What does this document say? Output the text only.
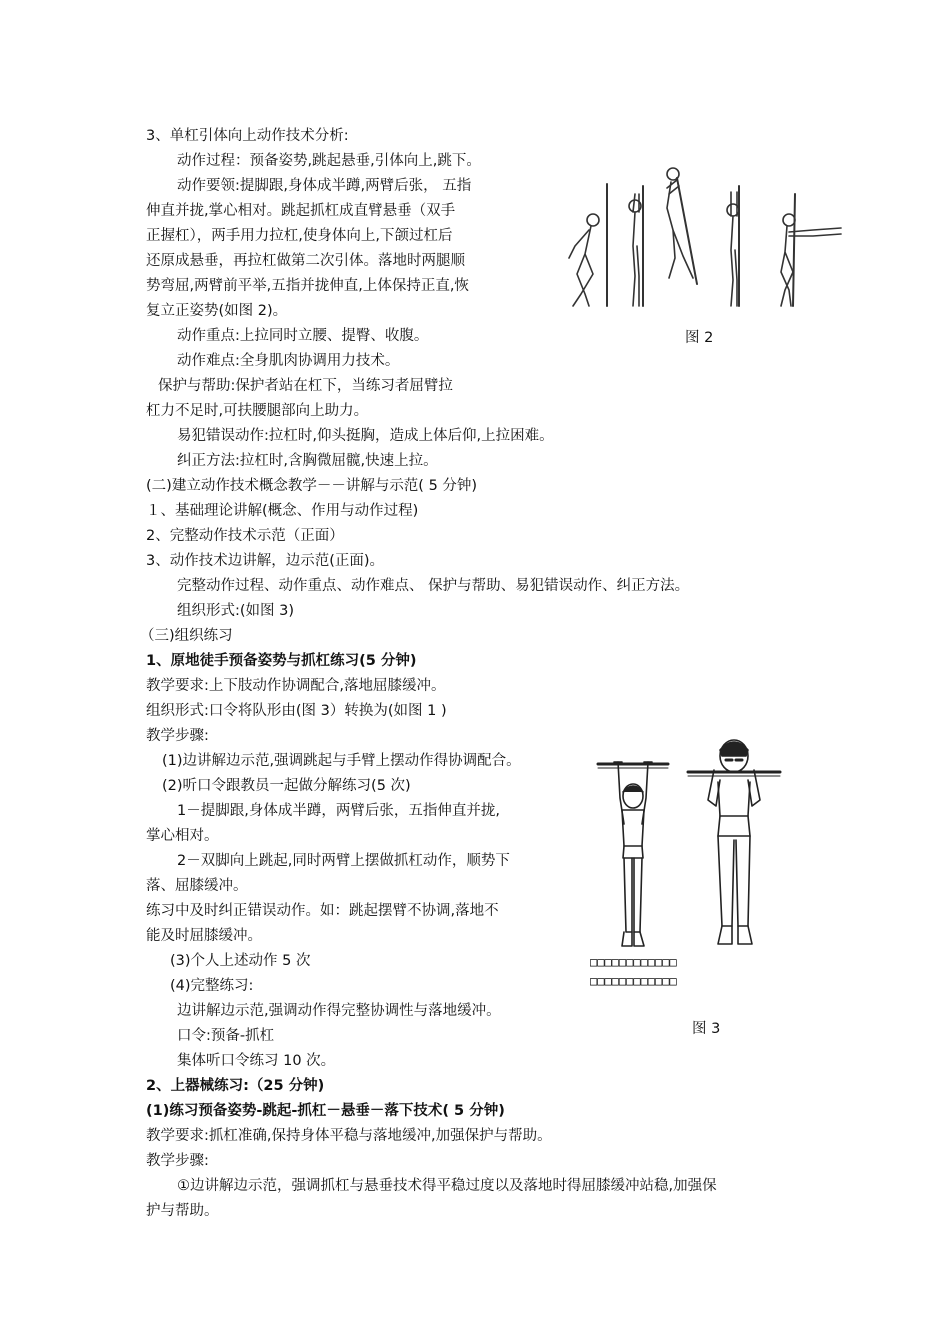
3、单杠引体向上动作技术分析:
动作过程：预备姿势,跳起悬垂,引体向上,跳下。
动作要领:提脚跟,身体成半蹲,两臂后张， 五指
伸直并拢,掌心相对。跳起抓杠成直臂悬垂（双手
正握杠），两手用力拉杠,使身体向上,下颌过杠后
还原成悬垂，再拉杠做第二次引体。落地时两腿顺
势弯屈,两臂前平举,五指并拢伸直,上体保持正直,恢
复立正姿势(如图 2)。
动作重点:上拉同时立腰、提臀、收腹。
动作难点:全身肌肉协调用力技术。
保护与帮助:保护者站在杠下，当练习者屈臂拉
杠力不足时,可扶腰腿部向上助力。
易犯错误动作:拉杠时,仰头挺胸，造成上体后仰,上拉困难。
纠正方法:拉杠时,含胸微屈髋,快速上拉。
(二)建立动作技术概念教学－－讲解与示范( 5 分钟)
１、基础理论讲解(概念、作用与动作过程)
2、完整动作技术示范（正面）
3、动作技术边讲解，边示范(正面)。
完整动作过程、动作重点、动作难点、 保护与帮助、易犯错误动作、纠正方法。
组织形式:(如图 3)
（三)组织练习
1、原地徒手预备姿势与抓杠练习(5 分钟)
教学要求:上下肢动作协调配合,落地屈膝缓冲。
组织形式:口令将队形由(图 3）转换为(如图 1 )
教学步骤:
(1)边讲解边示范,强调跳起与手臂上摆动作得协调配合。
(2)听口令跟教员一起做分解练习(5 次)
1－提脚跟,身体成半蹲，两臂后张，五指伸直并拢,
掌心相对。
2－双脚向上跳起,同时两臂上摆做抓杠动作，顺势下
落、屈膝缓冲。
练习中及时纠正错误动作。如：跳起摆臂不协调,落地不
能及时屈膝缓冲。
(3)个人上述动作 5 次
(4)完整练习:
边讲解边示范,强调动作得完整协调性与落地缓冲。
口令:预备-抓杠
集体听口令练习 10 次。
2、上器械练习:（25 分钟)
(1)练习预备姿势-跳起-抓杠－悬垂－落下技术( 5 分钟)
教学要求:抓杠准确,保持身体平稳与落地缓冲,加强保护与帮助。
教学步骤:
①边讲解边示范，强调抓杠与悬垂技术得平稳过度以及落地时得屈膝缓冲站稳,加强保
护与帮助。
图 2
□□□□□□□□□□□□
□□□□□□□□□□□□
图 3
